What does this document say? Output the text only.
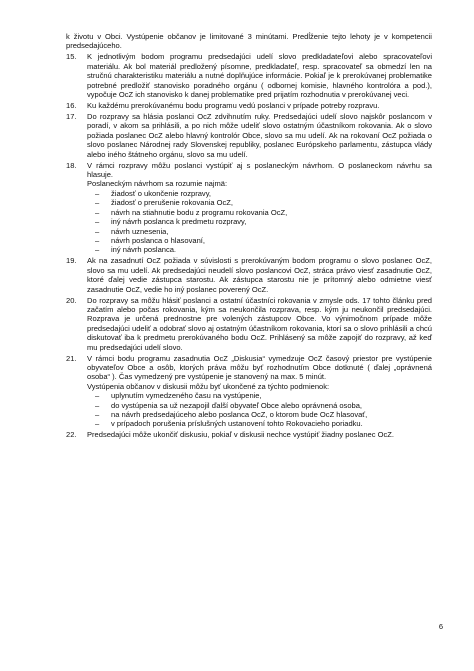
k životu v Obci. Vystúpenie občanov je limitované 3 minútami. Predĺženie tejto lehoty je v kompetencii predsedajúceho.

15. K jednotlivým bodom programu predsedajúci udelí slovo predkladateľovi alebo spracovateľovi materiálu. Ak bol materiál predložený písomne, predkladateľ, resp. spracovateľ sa obmedzí len na stručnú charakteristiku materiálu a nutné doplňujúce informácie. Pokiaľ je k prerokúvanej problematike potrebné predložiť stanovisko poradného orgánu ( odbornej komisie, hlavného kontrolóra a pod.), vypočuje OcZ ich stanovisko k danej problematike pred prijatím rozhodnutia v prerokúvanej veci.

16. Ku každému prerokúvanému bodu programu vedú poslanci v prípade potreby rozpravu.

17. Do rozpravy sa hlásia poslanci OcZ zdvihnutím ruky. Predsedajúci udelí slovo najskôr poslancom v poradí, v akom sa prihlásili, a po nich môže udeliť slovo ostatným účastníkom rokovania. Ak o slovo požiada poslanec OcZ alebo hlavný kontrolór Obce, slovo sa mu udelí. Ak na rokovaní OcZ požiada o slovo poslanec Národnej rady Slovenskej republiky, poslanec Európskeho parlamentu, zástupca vlády alebo iného štátneho orgánu, slovo sa mu udelí.

18. V rámci rozpravy môžu poslanci vystúpiť aj s poslaneckým návrhom. O poslaneckom návrhu sa hlasuje.

Poslaneckým návrhom sa rozumie najmä:

– žiadosť o ukončenie rozpravy,
– žiadosť o prerušenie rokovania OcZ,
– návrh na stiahnutie bodu z programu rokovania OcZ,
– iný návrh poslanca k predmetu rozpravy,
– návrh uznesenia,
– návrh poslanca o hlasovaní,
– iný návrh poslanca.
19. Ak na zasadnutí OcZ požiada v súvislosti s prerokúvaným bodom programu o slovo poslanec OcZ, slovo sa mu udelí. Ak predsedajúci neudelí slovo poslancovi OcZ, stráca právo viesť zasadnutie OcZ, ktoré ďalej vedie zástupca starostu. Ak zástupca starostu nie je prítomný alebo odmietne viesť zasadnutie OcZ, vedie ho iný poslanec poverený OcZ.

20. Do rozpravy sa môžu hlásiť poslanci a ostatní účastníci rokovania v zmysle ods. 17 tohto článku pred začatím alebo počas rokovania, kým sa neukončila rozprava, resp. kým ju neukončil predsedajúci. Rozprava je určená prednostne pre volených zástupcov Obce. Vo výnimočnom prípade môže predsedajúci udeliť a odobrať slovo aj ostatným účastníkom rokovania, ktorí sa o slovo prihlásili a chcú diskutovať iba k predmetu prerokúvaného bodu OcZ. Prihlásený sa môže zapojiť do rozpravy, až keď mu predsedajúci udelí slovo.

21. V rámci bodu programu zasadnutia OcZ „Diskusia“ vymedzuje OcZ časový priestor pre vystúpenie obyvateľov Obce a osôb, ktorých práva môžu byť rozhodnutím Obce dotknuté ( ďalej „oprávnená osoba“ ). Čas vymedzený pre vystúpenie je stanovený na max. 5 minút.

Vystúpenia občanov v diskusii môžu byť ukončené za týchto podmienok:

– uplynutím vymedzeného času na vystúpenie,
– do vystúpenia sa už nezapojil ďalší obyvateľ Obce alebo oprávnená osoba,
– na návrh predsedajúceho alebo poslanca OcZ, o ktorom bude OcZ hlasovať,
– v prípadoch porušenia príslušných ustanovení tohto Rokovacieho poriadku.
22. Predsedajúci môže ukončiť diskusiu, pokiaľ v diskusii nechce vystúpiť žiadny poslanec OcZ.

6
